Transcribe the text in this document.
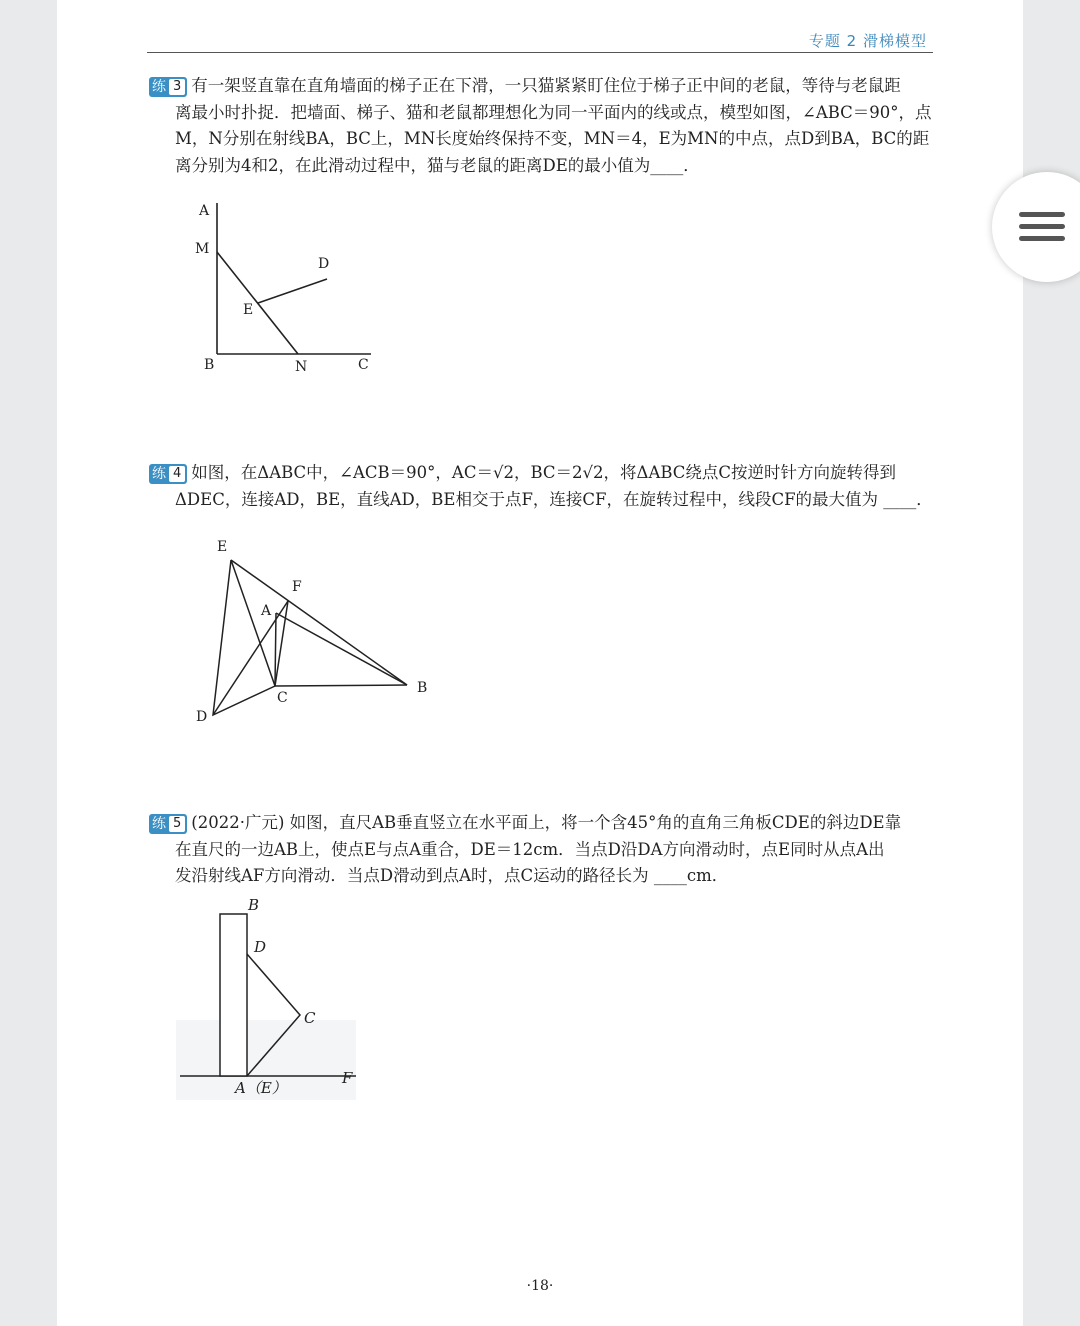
专题 2 滑梯模型

练 3 有一架竖直靠在直角墙面的梯子正在下滑，一只猫紧紧盯住位于梯子正中间的老鼠，等待与老鼠距

离最小时扑捉．把墙面、梯子、猫和老鼠都理想化为同一平面内的线或点，模型如图，∠ABC＝90°，点
M，N分别在射线BA，BC上，MN长度始终保持不变，MN＝4，E为MN的中点，点D到BA，BC的距
离分别为4和2，在此滑动过程中，猫与老鼠的距离DE的最小值为____．
A
M
D
E
B	N	C

练 4 如图，在ΔABC中，∠ACB＝90°，AC＝√2，BC＝2√2，将ΔABC绕点C按逆时针方向旋转得到

ΔDEC，连接AD，BE，直线AD，BE相交于点F，连接CF，在旋转过程中，线段CF的最大值为 ____．
E
F
A
C
B
D

练 5 (2022·广元) 如图，直尺AB垂直竖立在水平面上，将一个含45°角的直角三角板CDE的斜边DE靠

在直尺的一边AB上，使点E与点A重合，DE＝12cm．当点D沿DA方向滑动时，点E同时从点A出
发沿射线AF方向滑动．当点D滑动到点A时，点C运动的路径长为 ____cm．
B
D
C
A（E）
F
·18·
